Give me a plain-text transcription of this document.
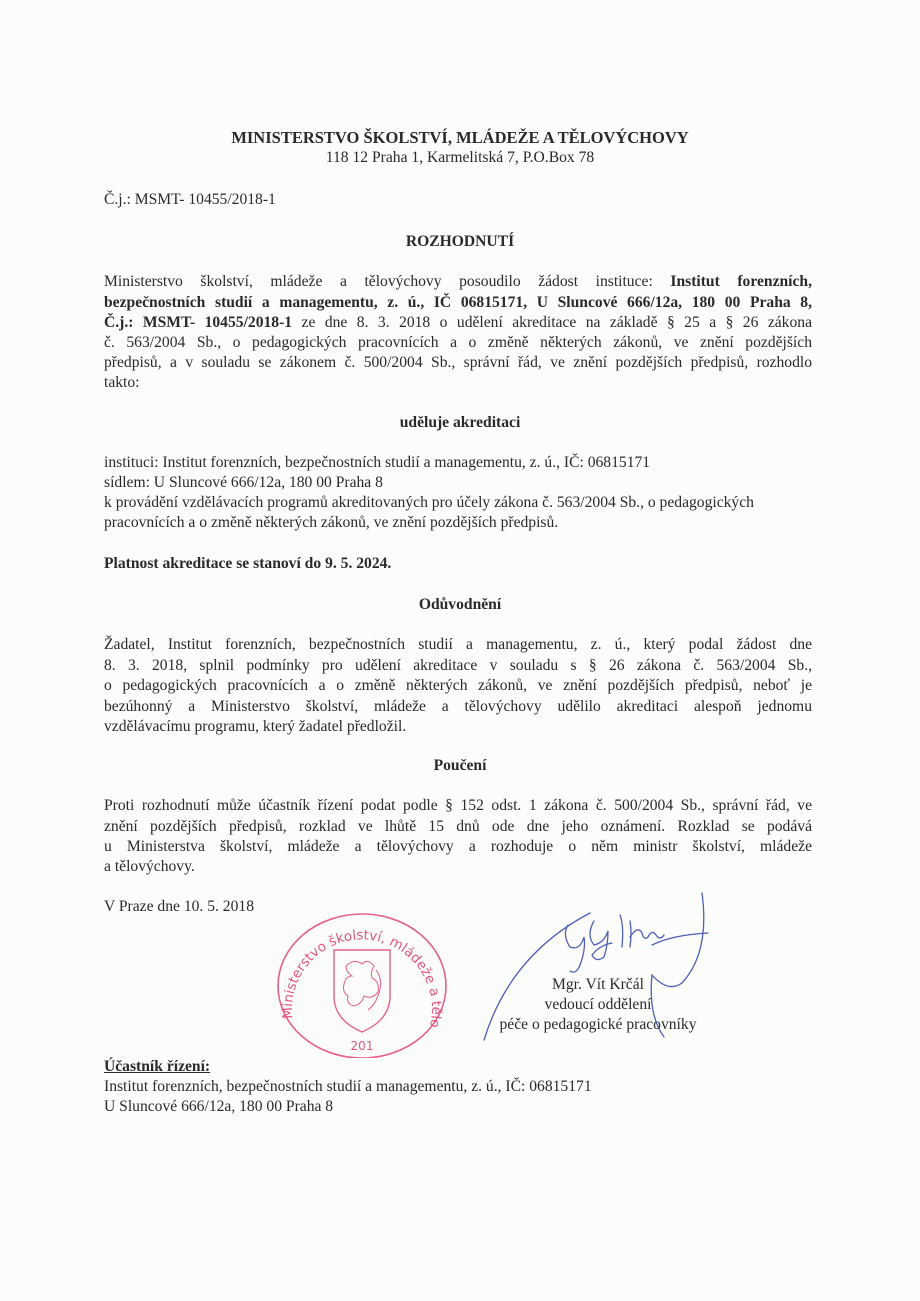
MINISTERSTVO ŠKOLSTVÍ, MLÁDEŽE A TĚLOVÝCHOVY
118 12 Praha 1, Karmelitská 7, P.O.Box 78
Č.j.: MSMT- 10455/2018-1
ROZHODNUTÍ
Ministerstvo školství, mládeže a tělovýchovy posoudilo žádost instituce: Institut forenzních,
bezpečnostních studií a managementu, z. ú., IČ 06815171, U Sluncové 666/12a, 180 00 Praha 8,
Č.j.: MSMT- 10455/2018-1 ze dne 8. 3. 2018 o udělení akreditace na základě § 25 a § 26 zákona
č. 563/2004 Sb., o pedagogických pracovnících a o změně některých zákonů, ve znění pozdějších
předpisů, a v souladu se zákonem č. 500/2004 Sb., správní řád, ve znění pozdějších předpisů, rozhodlo
takto:
uděluje akreditaci
instituci: Institut forenzních, bezpečnostních studií a managementu, z. ú., IČ: 06815171
sídlem: U Sluncové 666/12a, 180 00 Praha 8
k provádění vzdělávacích programů akreditovaných pro účely zákona č. 563/2004 Sb., o pedagogických
pracovnících a o změně některých zákonů, ve znění pozdějších předpisů.
Platnost akreditace se stanoví do 9. 5. 2024.
Odůvodnění
Žadatel, Institut forenzních, bezpečnostních studií a managementu, z. ú., který podal žádost dne
8. 3. 2018, splnil podmínky pro udělení akreditace v souladu s § 26 zákona č. 563/2004 Sb.,
o pedagogických pracovnících a o změně některých zákonů, ve znění pozdějších předpisů, neboť je
bezúhonný a Ministerstvo školství, mládeže a tělovýchovy udělilo akreditaci alespoň jednomu
vzdělávacímu programu, který žadatel předložil.
Poučení
Proti rozhodnutí může účastník řízení podat podle § 152 odst. 1 zákona č. 500/2004 Sb., správní řád, ve
znění pozdějších předpisů, rozklad ve lhůtě 15 dnů ode dne jeho oznámení. Rozklad se podává
u Ministerstva školství, mládeže a tělovýchovy a rozhoduje o něm ministr školství, mládeže
a tělovýchovy.
V Praze dne 10. 5. 2018
Ministerstvo školství, mládeže a tělo
201
Mgr. Vít Krčál
vedoucí oddělení
péče o pedagogické pracovníky
Účastník řízení:
Institut forenzních, bezpečnostních studií a managementu, z. ú., IČ: 06815171
U Sluncové 666/12a, 180 00 Praha 8
